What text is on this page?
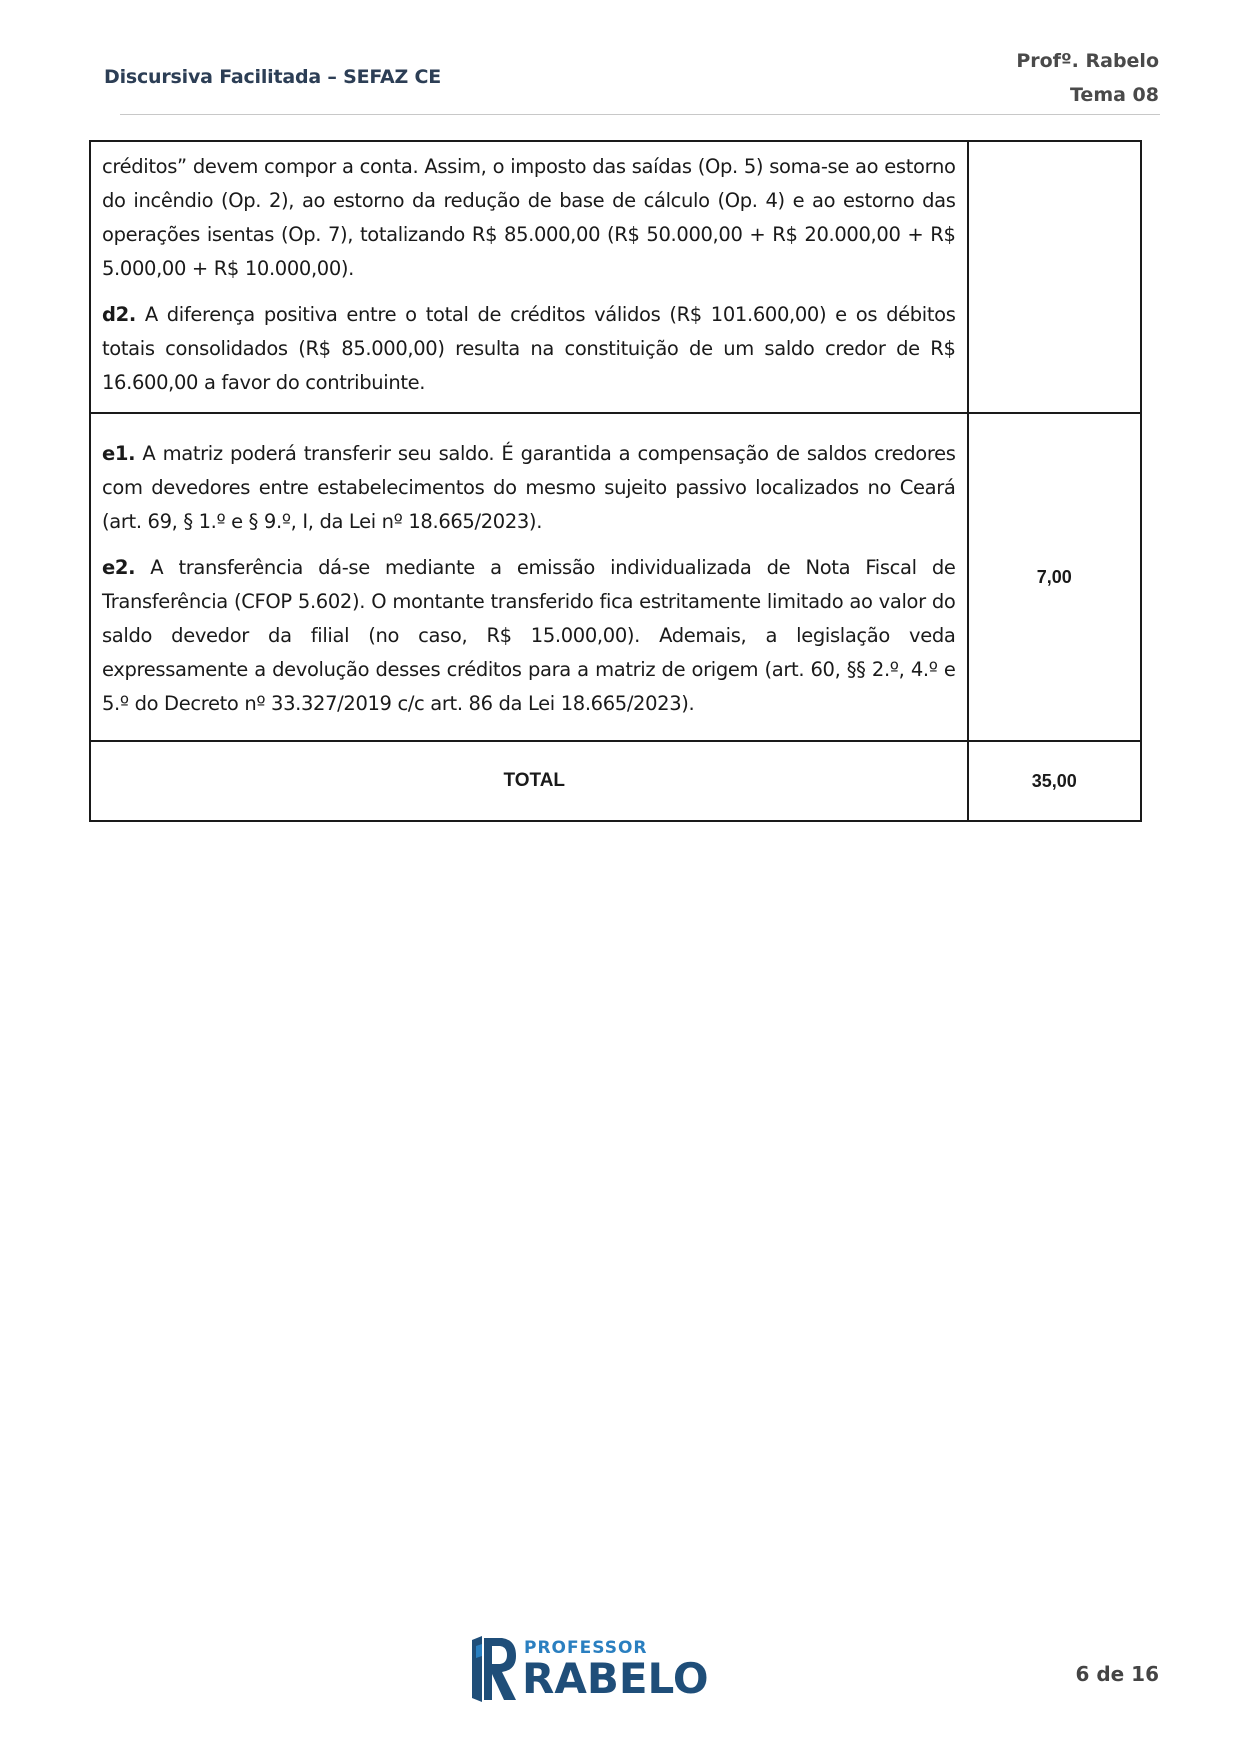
Discursiva Facilitada – SEFAZ CE
Profº. Rabelo
Tema 08

créditos” devem compor a conta. Assim, o imposto das saídas (Op. 5) soma-se ao estorno do incêndio (Op. 2), ao estorno da redução de base de cálculo (Op. 4) e ao estorno das operações isentas (Op. 7), totalizando R$ 85.000,00 (R$ 50.000,00 + R$ 20.000,00 + R$ 5.000,00 + R$ 10.000,00).

d2. A diferença positiva entre o total de créditos válidos (R$ 101.600,00) e os débitos totais consolidados (R$ 85.000,00) resulta na constituição de um saldo credor de R$ 16.600,00 a favor do contribuinte.	

e1. A matriz poderá transferir seu saldo. É garantida a compensação de saldos credores com devedores entre estabelecimentos do mesmo sujeito passivo localizados no Ceará (art. 69, § 1.º e § 9.º, I, da Lei nº 18.665/2023).

e2. A transferência dá-se mediante a emissão individualizada de Nota Fiscal de Transferência (CFOP 5.602). O montante transferido fica estritamente limitado ao valor do saldo devedor da filial (no caso, R$ 15.000,00). Ademais, a legislação veda expressamente a devolução desses créditos para a matriz de origem (art. 60, §§ 2.º, 4.º e 5.º do Decreto nº 33.327/2019 c/c art. 86 da Lei 18.665/2023).	7,00
TOTAL	35,00
PROFESSOR
RABELO	6 de 16
